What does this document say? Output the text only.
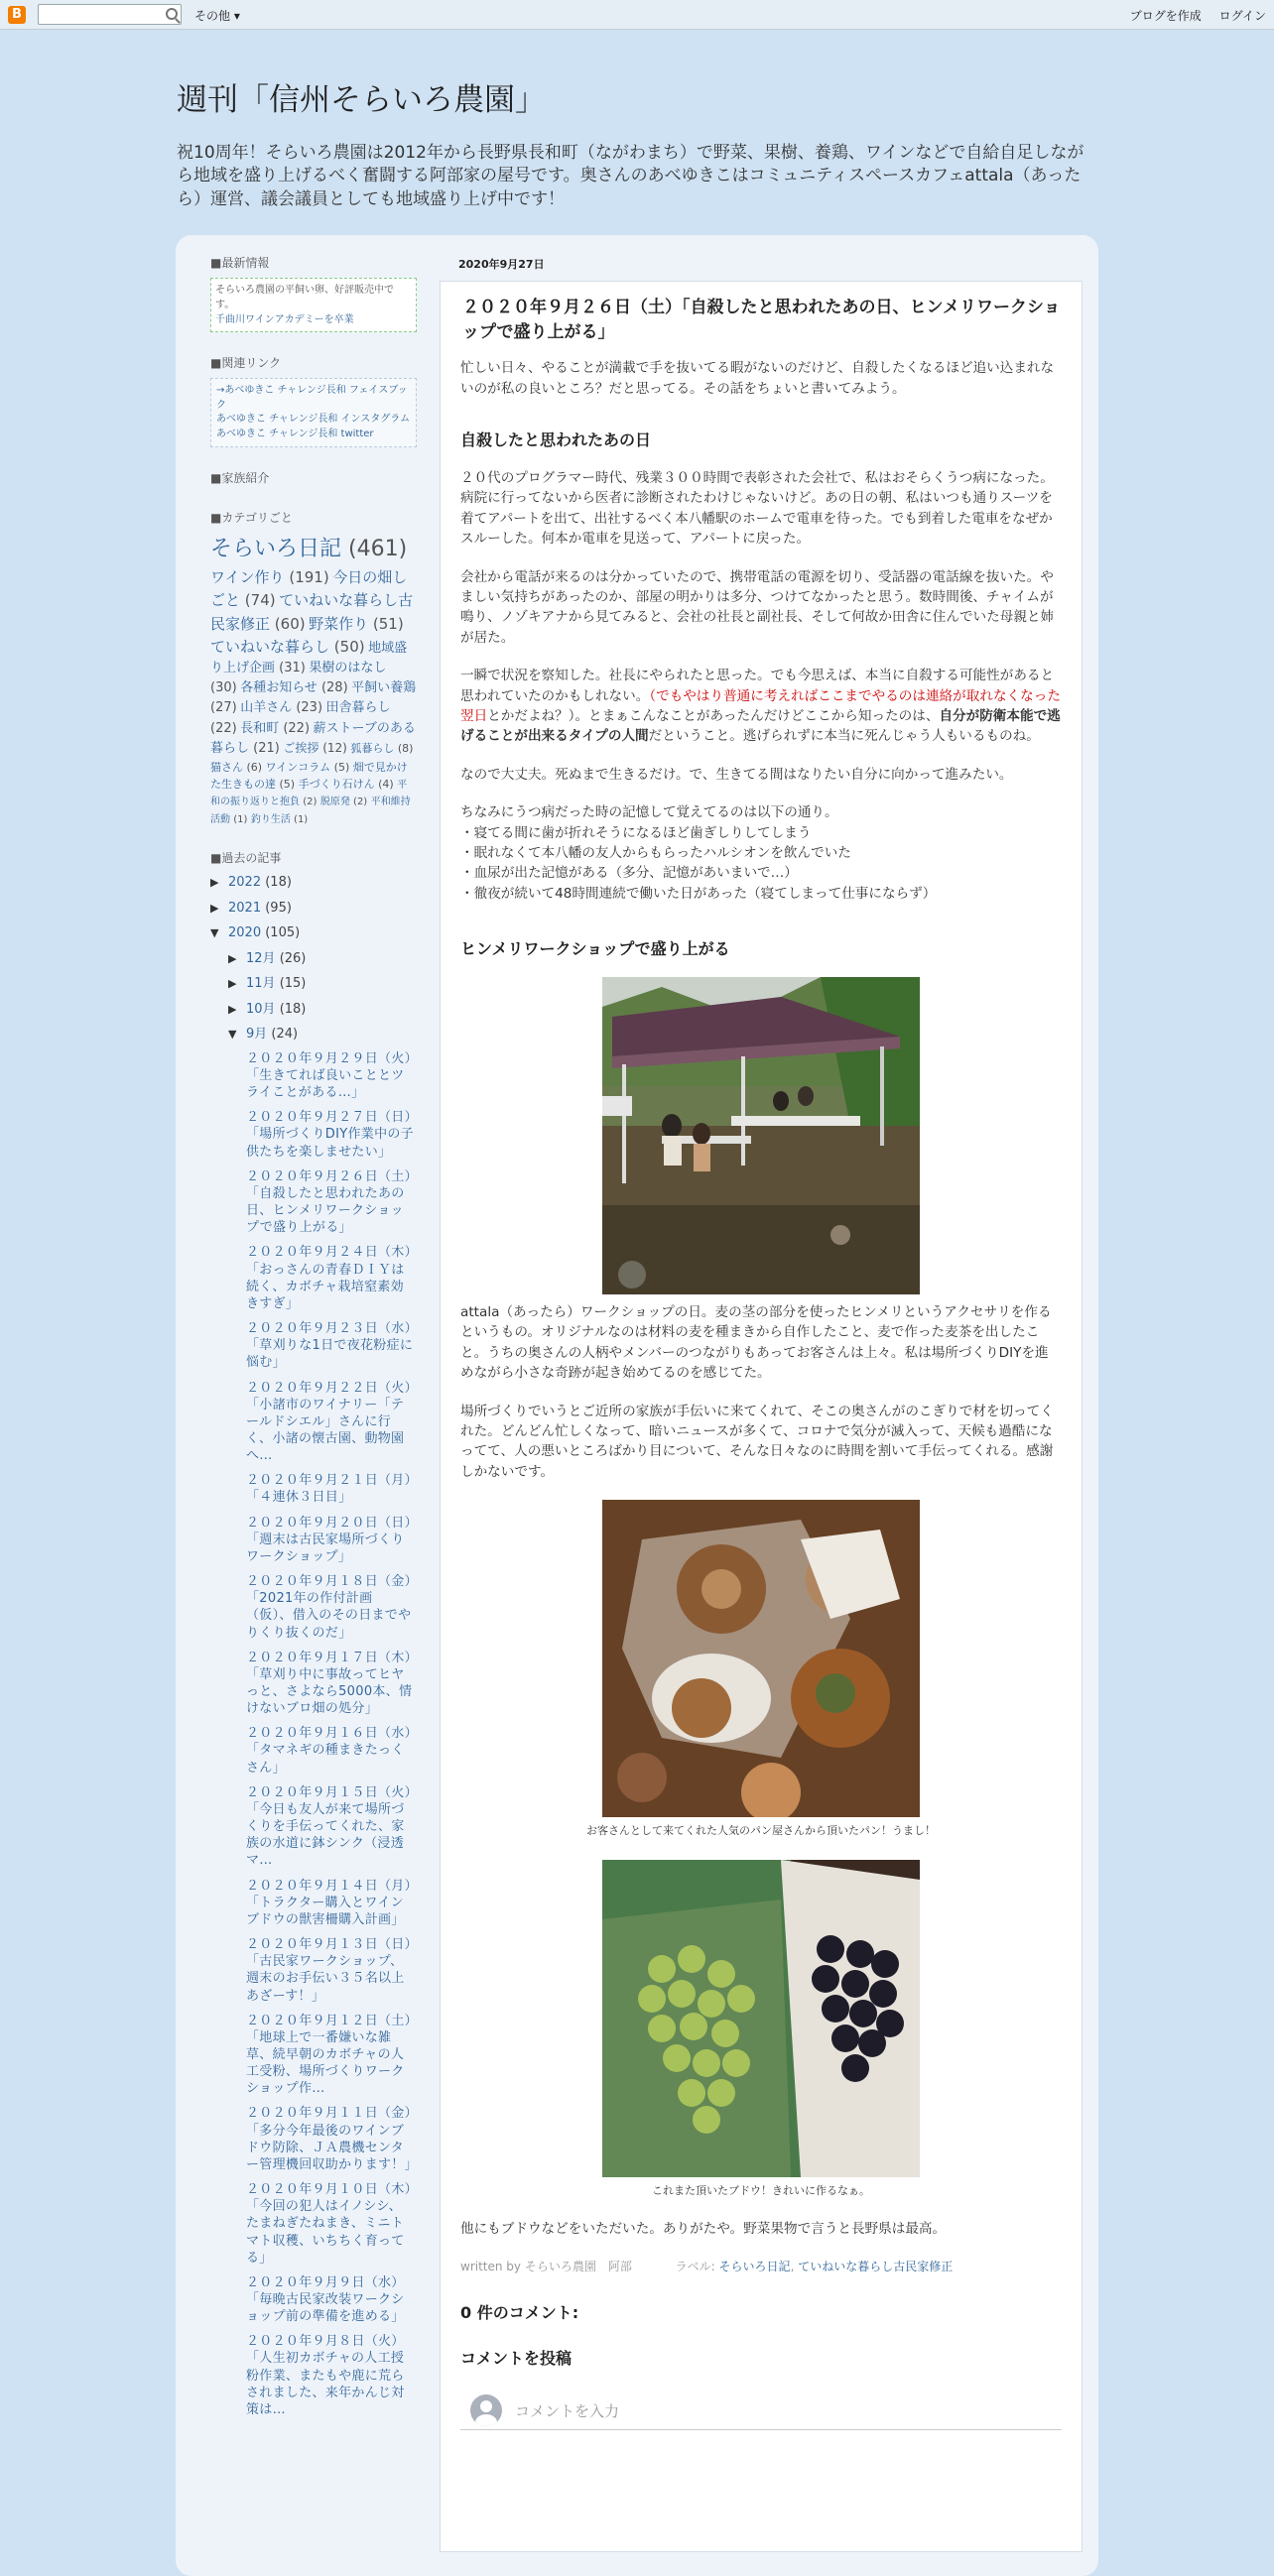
B	その他 ▾	ブログを作成 ログイン
週刊「信州そらいろ農園」
祝10周年！そらいろ農園は2012年から長野県長和町（ながわまち）で野菜、果樹、養鶏、ワインなどで自給自足しながら地域を盛り上げるべく奮闘する阿部家の屋号です。奥さんのあべゆきこはコミュニティスペースカフェattala（あったら）運営、議会議員としても地域盛り上げ中です！
■最新情報
そらいろ農園の平飼い卵、好評販売中です。
千曲川ワインアカデミーを卒業
■関連リンク
→あべゆきこ チャレンジ長和 フェイスブック
あべゆきこ チャレンジ長和 インスタグラム
あべゆきこ チャレンジ長和 twitter
■家族紹介
■カテゴリごと
そらいろ日記 (461) ワイン作り (191) 今日の畑しごと (74) ていねいな暮らし古民家修正 (60) 野菜作り (51) ていねいな暮らし (50) 地域盛り上げ企画 (31) 果樹のはなし (30) 各種お知らせ (28) 平飼い養鶏 (27) 山羊さん (23) 田舎暮らし (22) 長和町 (22) 薪ストーブのある暮らし (21) ご挨拶 (12) 狐暮らし (8) 猫さん (6) ワインコラム (5) 畑で見かけた生きもの達 (5) 手づくり石けん (4) 平和の振り返りと抱負 (2) 脱原発 (2) 平和維持活動 (1) 釣り生活 (1)
■過去の記事
▶ 2022 (18)
▶ 2021 (95)
▼ 2020 (105)
▶ 12月 (26)
▶ 11月 (15)
▶ 10月 (18)
▼ 9月 (24)
２０２０年９月２９日（火）「生きてれば良いこととツライことがある…」
２０２０年９月２７日（日）「場所づくりDIY作業中の子供たちを楽しませたい」
２０２０年９月２６日（土）「自殺したと思われたあの日、ヒンメリワークショップで盛り上がる」
２０２０年９月２４日（木）「おっさんの青春ＤＩＹは続く、カボチャ栽培窒素効きすぎ」
２０２０年９月２３日（水）「草刈りな1日で夜花粉症に悩む」
２０２０年９月２２日（火）「小諸市のワイナリー「テールドシエル」さんに行く、小諸の懐古園、動物園へ…
２０２０年９月２１日（月）「４連休３日目」
２０２０年９月２０日（日）「週末は古民家場所づくりワークショップ」
２０２０年９月１８日（金）「2021年の作付計画（仮）、借入のその日までやりくり抜くのだ」
２０２０年９月１７日（木）「草刈り中に事故ってヒヤっと、さよなら5000本、情けないブロ畑の処分」
２０２０年９月１６日（水）「タマネギの種まきたっくさん」
２０２０年９月１５日（火）「今日も友人が来て場所づくりを手伝ってくれた、家族の水道に鉢シンク（浸透マ…
２０２０年９月１４日（月）「トラクター購入とワインブドウの獣害柵購入計画」
２０２０年９月１３日（日）「古民家ワークショップ、週末のお手伝い３５名以上あざーす！」
２０２０年９月１２日（土）「地球上で一番嫌いな雑草、続早朝のカボチャの人工受粉、場所づくりワークショップ作…
２０２０年９月１１日（金）「多分今年最後のワインブドウ防除、ＪＡ農機センター管理機回収助かります！」
２０２０年９月１０日（木）「今回の犯人はイノシシ、たまねぎたねまき、ミニトマト収穫、いちちく育ってる」
２０２０年９月９日（水）「毎晩古民家改装ワークショップ前の準備を進める」
２０２０年９月８日（火）「人生初カボチャの人工授粉作業、またもや鹿に荒らされました、来年かんじ対策は…
2020年9月27日
２０２０年９月２６日（土）「自殺したと思われたあの日、ヒンメリワークショップで盛り上がる」
忙しい日々、やることが満載で手を抜いてる暇がないのだけど、自殺したくなるほど追い込まれないのが私の良いところ？だと思ってる。その話をちょいと書いてみよう。
自殺したと思われたあの日
２０代のプログラマー時代、残業３００時間で表彰された会社で、私はおそらくうつ病になった。病院に行ってないから医者に診断されたわけじゃないけど。あの日の朝、私はいつも通りスーツを着てアパートを出て、出社するべく本八幡駅のホームで電車を待った。でも到着した電車をなぜかスルーした。何本か電車を見送って、アパートに戻った。
会社から電話が来るのは分かっていたので、携帯電話の電源を切り、受話器の電話線を抜いた。やましい気持ちがあったのか、部屋の明かりは多分、つけてなかったと思う。数時間後、チャイムが鳴り、ノゾキアナから見てみると、会社の社長と副社長、そして何故か田舎に住んでいた母親と姉が居た。
一瞬で状況を察知した。社長にやられたと思った。でも今思えば、本当に自殺する可能性があると思われていたのかもしれない。（でもやはり普通に考えればここまでやるのは連絡が取れなくなった翌日とかだよね？）。とまぁこんなことがあったんだけどここから知ったのは、自分が防衛本能で逃げることが出来るタイプの人間だということ。逃げられずに本当に死んじゃう人もいるものね。
なので大丈夫。死ぬまで生きるだけ。で、生きてる間はなりたい自分に向かって進みたい。
ちなみにうつ病だった時の記憶して覚えてるのは以下の通り。
・寝てる間に歯が折れそうになるほど歯ぎしりしてしまう
・眠れなくて本八幡の友人からもらったハルシオンを飲んでいた
・血尿が出た記憶がある（多分、記憶があいまいで…）
・徹夜が続いて48時間連続で働いた日があった（寝てしまって仕事にならず）
ヒンメリワークショップで盛り上がる
attala（あったら）ワークショップの日。麦の茎の部分を使ったヒンメリというアクセサリを作るというもの。オリジナルなのは材料の麦を種まきから自作したこと、麦で作った麦茶を出したこと。うちの奥さんの人柄やメンバーのつながりもあってお客さんは上々。私は場所づくりDIYを進めながら小さな奇跡が起き始めてるのを感じてた。
場所づくりでいうとご近所の家族が手伝いに来てくれて、そこの奥さんがのこぎりで材を切ってくれた。どんどん忙しくなって、暗いニュースが多くて、コロナで気分が滅入って、天候も過酷になってて、人の悪いところばかり目について、そんな日々なのに時間を割いて手伝ってくれる。感謝しかないです。
お客さんとして来てくれた人気のパン屋さんから頂いたパン！うまし！
これまた頂いたブドウ！きれいに作るなぁ。
他にもブドウなどをいただいた。ありがたや。野菜果物で言うと長野県は最高。
written by そらいろ農園　阿部	ラベル: そらいろ日記, ていねいな暮らし古民家修正
0 件のコメント:
コメントを投稿
コメントを入力
